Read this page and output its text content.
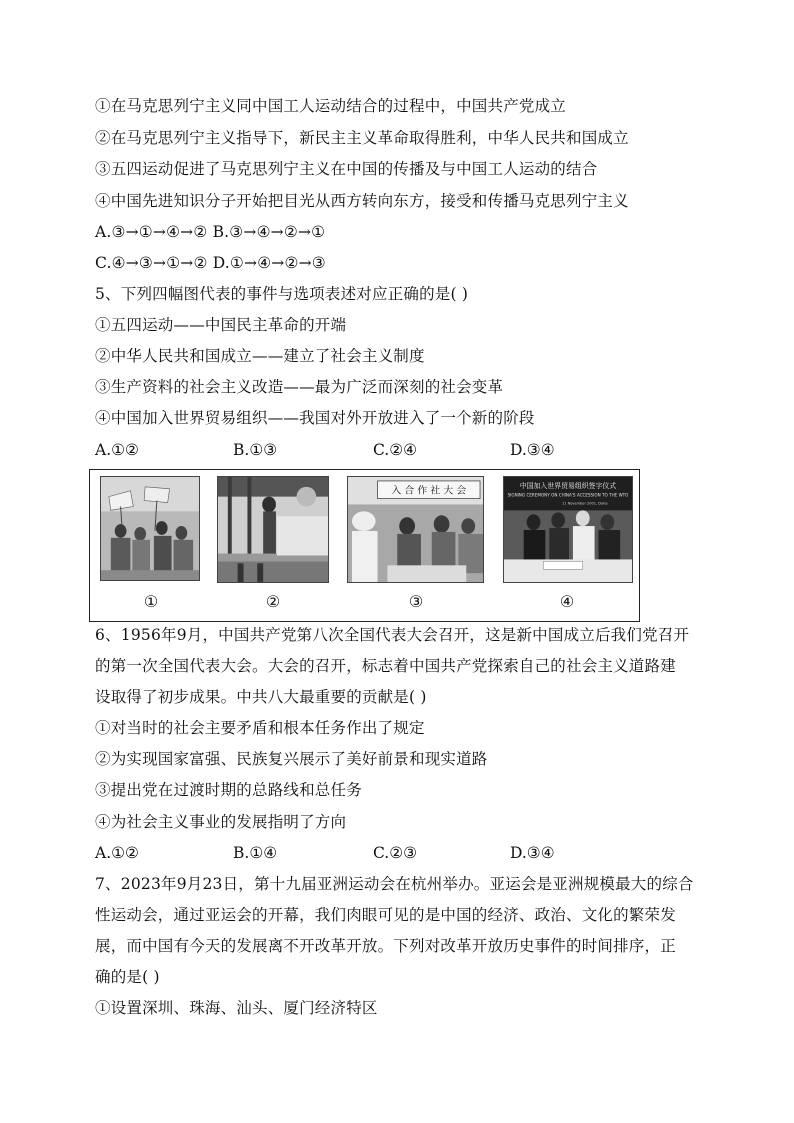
①在马克思列宁主义同中国工人运动结合的过程中，中国共产党成立
②在马克思列宁主义指导下，新民主主义革命取得胜利，中华人民共和国成立
③五四运动促进了马克思列宁主义在中国的传播及与中国工人运动的结合
④中国先进知识分子开始把目光从西方转向东方，接受和传播马克思列宁主义
A.③→①→④→② B.③→④→②→①
C.④→③→①→② D.①→④→②→③
5、下列四幅图代表的事件与选项表述对应正确的是( )
①五四运动——中国民主革命的开端
②中华人民共和国成立——建立了社会主义制度
③生产资料的社会主义改造——最为广泛而深刻的社会变革
④中国加入世界贸易组织——我国对外开放进入了一个新的阶段
A.①②	B.①③	C.②④	D.③④
入 合 作 社 大 会	中国加入世界贸易组织签字仪式
SIGNING CEREMONY ON CHINA'S ACCESSION TO THE WTO
11 November 2001, Doha
①	②	③	④
6、1956年9月，中国共产党第八次全国代表大会召开，这是新中国成立后我们党召开
的第一次全国代表大会。大会的召开，标志着中国共产党探索自己的社会主义道路建
设取得了初步成果。中共八大最重要的贡献是( )
①对当时的社会主要矛盾和根本任务作出了规定
②为实现国家富强、民族复兴展示了美好前景和现实道路
③提出党在过渡时期的总路线和总任务
④为社会主义事业的发展指明了方向
A.①②	B.①④	C.②③	D.③④
7、2023年9月23日，第十九届亚洲运动会在杭州举办。亚运会是亚洲规模最大的综合
性运动会，通过亚运会的开幕，我们肉眼可见的是中国的经济、政治、文化的繁荣发
展，而中国有今天的发展离不开改革开放。下列对改革开放历史事件的时间排序，正
确的是( )
①设置深圳、珠海、汕头、厦门经济特区
